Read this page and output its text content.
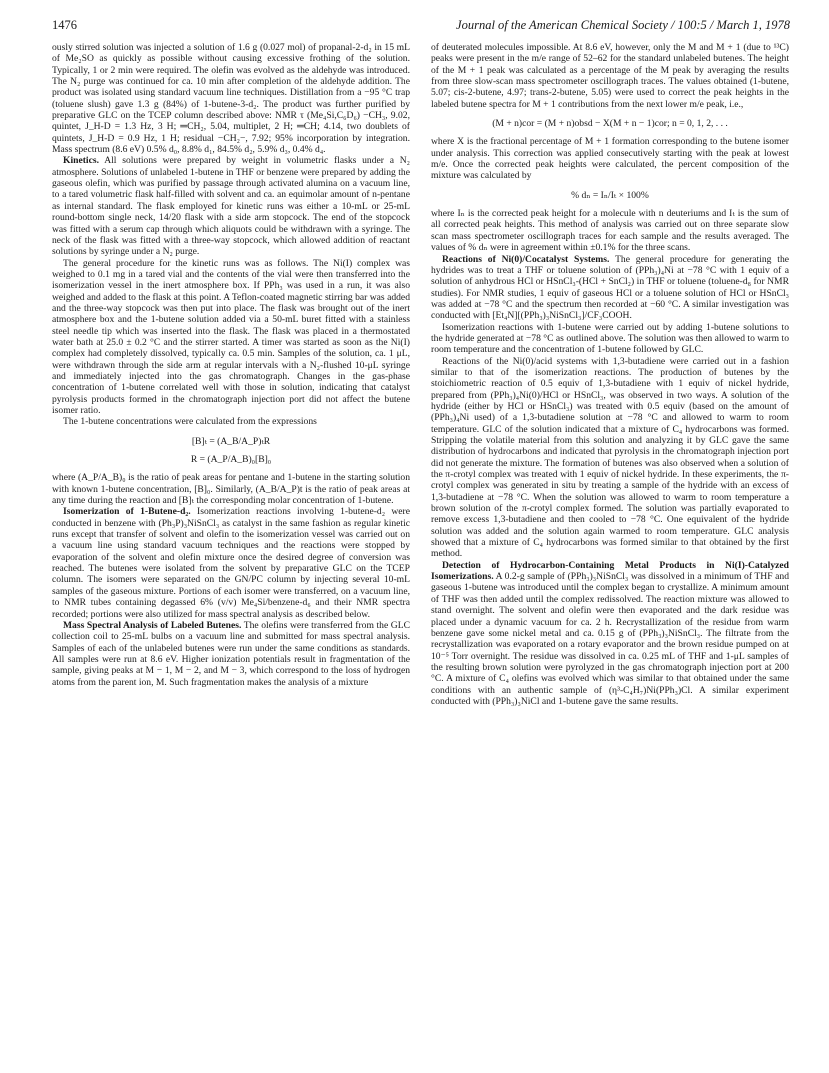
1476	Journal of the American Chemical Society / 100:5 / March 1, 1978

ously stirred solution was injected a solution of 1.6 g (0.027 mol) of propanal-2-d₂ in 15 mL of Me₂SO as quickly as possible without causing excessive frothing of the solution. Typically, 1 or 2 min were required. The olefin was evolved as the aldehyde was introduced. The N₂ purge was continued for ca. 10 min after completion of the aldehyde addition. The product was isolated using standard vacuum line techniques. Distillation from a −95 °C trap (toluene slush) gave 1.3 g (84%) of 1-butene-3-d₂. The product was further purified by preparative GLC on the TCEP column described above: NMR τ (Me₄Si,C₆D₆) −CH₃, 9.02, quintet, J_H-D = 1.3 Hz, 3 H; ═CH₂, 5.04, multiplet, 2 H; ═CH; 4.14, two doublets of quintets, J_H-D = 0.9 Hz, 1 H; residual −CH₂−, 7.92; 95% incorporation by integration. Mass spectrum (8.6 eV) 0.5% d₀, 8.8% d₁, 84.5% d₂, 5.9% d₃, 0.4% d₄.

Kinetics. All solutions were prepared by weight in volumetric flasks under a N₂ atmosphere. Solutions of unlabeled 1-butene in THF or benzene were prepared by adding the gaseous olefin, which was purified by passage through activated alumina on a vacuum line, to a tared volumetric flask half-filled with solvent and ca. an equimolar amount of n-pentane as internal standard. The flask employed for kinetic runs was either a 10-mL or 25-mL round-bottom single neck, 14/20 flask with a side arm stopcock. The end of the stopcock was fitted with a serum cap through which aliquots could be withdrawn with a syringe. The neck of the flask was fitted with a three-way stopcock, which allowed addition of reactant solutions by syringe under a N₂ purge.

The general procedure for the kinetic runs was as follows. The Ni(I) complex was weighed to 0.1 mg in a tared vial and the contents of the vial were then transferred into the isomerization vessel in the inert atmosphere box. If PPh₃ was used in a run, it was also weighed and added to the flask at this point. A Teflon-coated magnetic stirring bar was added and the three-way stopcock was then put into place. The flask was brought out of the inert atmosphere box and the 1-butene solution added via a 50-mL buret fitted with a stainless steel needle tip which was inserted into the flask. The flask was placed in a thermostated water bath at 25.0 ± 0.2 °C and the stirrer started. A timer was started as soon as the Ni(I) complex had completely dissolved, typically ca. 0.5 min. Samples of the solution, ca. 1 μL, were withdrawn through the side arm at regular intervals with a N₂-flushed 10-μL syringe and immediately injected into the gas chromatograph. Changes in the gas-phase concentration of 1-butene correlated well with those in solution, indicating that catalyst pyrolysis products formed in the chromatograph injection port did not affect the butene isomer ratio.

The 1-butene concentrations were calculated from the expressions

[B]ₜ = (A_B/A_P)ₜR
R = (A_P/A_B)₀[B]₀

where (A_P/A_B)₀ is the ratio of peak areas for pentane and 1-butene in the starting solution with known 1-butene concentration, [B]₀. Similarly, (A_B/A_P)t is the ratio of peak areas at any time during the reaction and [B]ₜ the corresponding molar concentration of 1-butene.

Isomerization of 1-Butene-d₂. Isomerization reactions involving 1-butene-d₂ were conducted in benzene with (Ph₃P)₃NiSnCl₃ as catalyst in the same fashion as regular kinetic runs except that transfer of solvent and olefin to the isomerization vessel was carried out on a vacuum line using standard vacuum techniques and the reactions were stopped by evaporation of the solvent and olefin mixture once the desired degree of conversion was reached. The butenes were isolated from the solvent by preparative GLC on the TCEP column. The isomers were separated on the GN/PC column by injecting several 10-mL samples of the gaseous mixture. Portions of each isomer were transferred, on a vacuum line, to NMR tubes containing degassed 6% (v/v) Me₄Si/benzene-d₆ and their NMR spectra recorded; portions were also utilized for mass spectral analysis as described below.

Mass Spectral Analysis of Labeled Butenes. The olefins were transferred from the GLC collection coil to 25-mL bulbs on a vacuum line and submitted for mass spectral analysis. Samples of each of the unlabeled butenes were run under the same conditions as standards. All samples were run at 8.6 eV. Higher ionization potentials result in fragmentation of the sample, giving peaks at M − 1, M − 2, and M − 3, which correspond to the loss of hydrogen atoms from the parent ion, M. Such fragmentation makes the analysis of a mixture

of deuterated molecules impossible. At 8.6 eV, however, only the M and M + 1 (due to ¹³C) peaks were present in the m/e range of 52–62 for the standard unlabeled butenes. The height of the M + 1 peak was calculated as a percentage of the M peak by averaging the results from three slow-scan mass spectrometer oscillograph traces. The values obtained (1-butene, 5.07; cis-2-butene, 4.97; trans-2-butene, 5.05) were used to correct the peak heights in the labeled butene spectra for M + 1 contributions from the next lower m/e peak, i.e.,

(M + n)cor = (M + n)obsd − X(M + n − 1)cor; n = 0, 1, 2, . . .

where X is the fractional percentage of M + 1 formation corresponding to the butene isomer under analysis. This correction was applied consecutively starting with the peak at lowest m/e. Once the corrected peak heights were calculated, the percent composition of the mixture was calculated by

% dₙ = Iₙ/Iₜ × 100%

where Iₙ is the corrected peak height for a molecule with n deuteriums and Iₜ is the sum of all corrected peak heights. This method of analysis was carried out on three separate slow scan mass spectrometer oscillograph traces for each sample and the results averaged. The values of % dₙ were in agreement within ±0.1% for the three scans.

Reactions of Ni(0)/Cocatalyst Systems. The general procedure for generating the hydrides was to treat a THF or toluene solution of (PPh₃)₄Ni at −78 °C with 1 equiv of a solution of anhydrous HCl or HSnCl₃-(HCl + SnCl₂) in THF or toluene (toluene-d₈ for NMR studies). For NMR studies, 1 equiv of gaseous HCl or a toluene solution of HCl or HSnCl₃ was added at −78 °C and the spectrum then recorded at −60 °C. A similar investigation was conducted with [Et₄N][(PPh₃)₃NiSnCl₃]/CF₃COOH.

Isomerization reactions with 1-butene were carried out by adding 1-butene solutions to the hydride generated at −78 °C as outlined above. The solution was then allowed to warm to room temperature and the concentration of 1-butene followed by GLC.

Reactions of the Ni(0)/acid systems with 1,3-butadiene were carried out in a fashion similar to that of the isomerization reactions. The production of butenes by the stoichiometric reaction of 0.5 equiv of 1,3-butadiene with 1 equiv of nickel hydride, prepared from (PPh₃)₄Ni(0)/HCl or HSnCl₃, was observed in two ways. A solution of the hydride (either by HCl or HSnCl₃) was treated with 0.5 equiv (based on the amount of (PPh₃)₄Ni used) of a 1,3-butadiene solution at −78 °C and allowed to warm to room temperature. GLC of the solution indicated that a mixture of C₄ hydrocarbons was formed. Stripping the volatile material from this solution and analyzing it by GLC gave the same distribution of hydrocarbons and indicated that pyrolysis in the chromatograph injection port did not generate the mixture. The formation of butenes was also observed when a solution of the π-crotyl complex was treated with 1 equiv of nickel hydride. In these experiments, the π-crotyl complex was generated in situ by treating a sample of the hydride with an excess of 1,3-butadiene at −78 °C. When the solution was allowed to warm to room temperature a brown solution of the π-crotyl complex formed. The solution was partially evaporated to remove excess 1,3-butadiene and then cooled to −78 °C. One equivalent of the hydride solution was added and the solution again warmed to room temperature. GLC analysis showed that a mixture of C₄ hydrocarbons was formed similar to that obtained by the first method.

Detection of Hydrocarbon-Containing Metal Products in Ni(I)-Catalyzed Isomerizations. A 0.2-g sample of (PPh₃)₃NiSnCl₃ was dissolved in a minimum of THF and gaseous 1-butene was introduced until the complex began to crystallize. A minimum amount of THF was then added until the complex redissolved. The reaction mixture was allowed to stand overnight. The solvent and olefin were then evaporated and the dark residue was placed under a dynamic vacuum for ca. 2 h. Recrystallization of the residue from warm benzene gave some nickel metal and ca. 0.15 g of (PPh₃)₃NiSnCl₃. The filtrate from the recrystallization was evaporated on a rotary evaporator and the brown residue pumped on at 10⁻⁵ Torr overnight. The residue was dissolved in ca. 0.25 mL of THF and 1-μL samples of the resulting brown solution were pyrolyzed in the gas chromatograph injection port at 200 °C. A mixture of C₄ olefins was evolved which was similar to that obtained under the same conditions with an authentic sample of (η³-C₄H₇)Ni(PPh₃)Cl. A similar experiment conducted with (PPh₃)₃NiCl and 1-butene gave the same results.
